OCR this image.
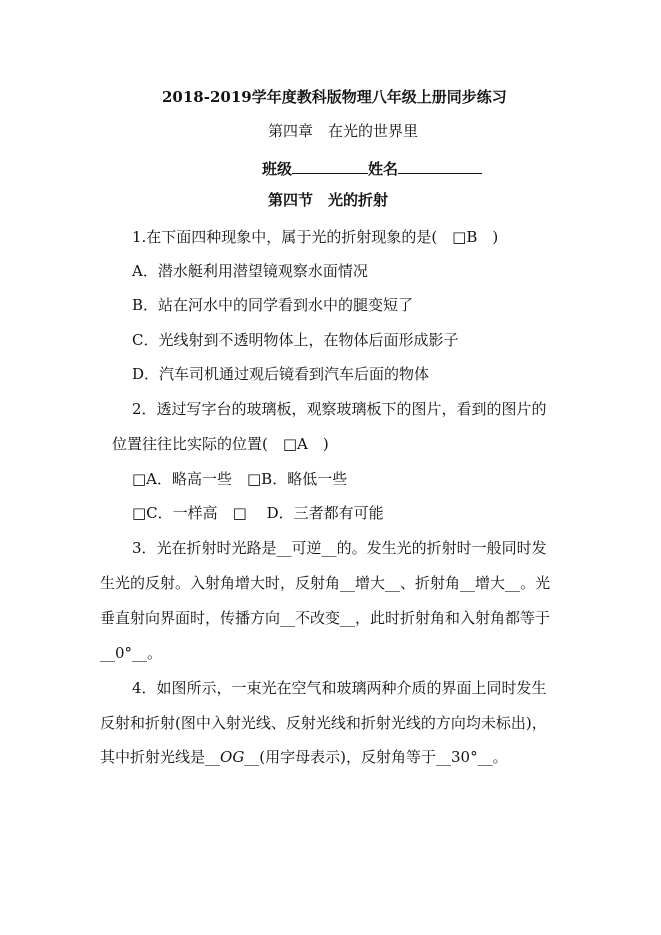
2018-2019学年度教科版物理八年级上册同步练习
第四章　在光的世界里
班级	姓名
第四节　光的折射
1.在下面四种现象中，属于光的折射现象的是(　□B　)
A．潜水艇利用潜望镜观察水面情况
B．站在河水中的同学看到水中的腿变短了
C．光线射到不透明物体上，在物体后面形成影子
D．汽车司机通过观后镜看到汽车后面的物体
2．透过写字台的玻璃板，观察玻璃板下的图片，看到的图片的
位置往往比实际的位置(　□A　)
□A．略高一些　□B．略低一些
□C．一样高　□　 D．三者都有可能
3．光在折射时光路是__可逆__的。发生光的折射时一般同时发
生光的反射。入射角增大时，反射角__增大__、折射角__增大__。光
垂直射向界面时，传播方向__不改变__，此时折射角和入射角都等于
__0°__。
4．如图所示，一束光在空气和玻璃两种介质的界面上同时发生
反射和折射(图中入射光线、反射光线和折射光线的方向均未标出)，
其中折射光线是__OG__(用字母表示)，反射角等于__30°__。
